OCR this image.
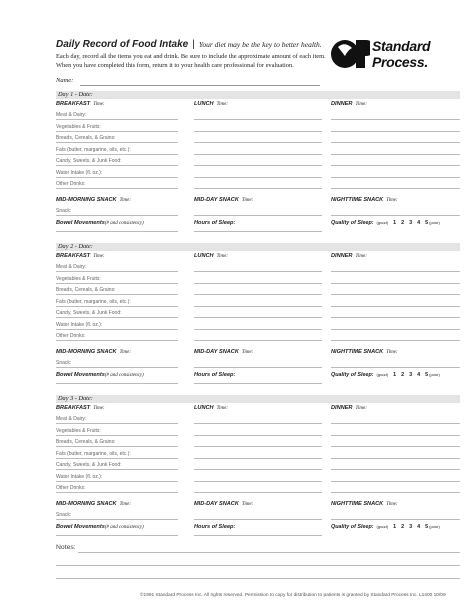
Daily Record of Food Intake | Your diet may be the key to better health.
Each day, record all the items you eat and drink. Be sure to include the approximate amount of each item. When you have completed this form, return it to your health care professional for evaluation.
Standard
Process.
Name:
Day 1 - Date:
BREAKFAST Time:	LUNCH Time:	DINNER Time:
Meat & Dairy:
Vegetables & Fruits:
Breads, Cereals, & Grains:
Fats (butter, margarine, oils, etc.):
Candy, Sweets, & Junk Food:
Water Intake (fl. oz.):
Other Drinks:
MID-MORNING SNACK Time:	MID-DAY SNACK Time:	NIGHTTIME SNACK Time:
Snack:
Bowel Movements(# and consistency)	Hours of Sleep:	Quality of Sleep: (good) 1 2 3 4 5(poor)
Day 2 - Date:
BREAKFAST Time:	LUNCH Time:	DINNER Time:
Meat & Dairy:
Vegetables & Fruits:
Breads, Cereals, & Grains:
Fats (butter, margarine, oils, etc.):
Candy, Sweets, & Junk Food:
Water Intake (fl. oz.):
Other Drinks:
MID-MORNING SNACK Time:	MID-DAY SNACK Time:	NIGHTTIME SNACK Time:
Snack:
Bowel Movements(# and consistency)	Hours of Sleep:	Quality of Sleep: (good) 1 2 3 4 5(poor)
Day 3 - Date:
BREAKFAST Time:	LUNCH Time:	DINNER Time:
Meat & Dairy:
Vegetables & Fruits:
Breads, Cereals, & Grains:
Fats (butter, margarine, oils, etc.):
Candy, Sweets, & Junk Food:
Water Intake (fl. oz.):
Other Drinks:
MID-MORNING SNACK Time:	MID-DAY SNACK Time:	NIGHTTIME SNACK Time:
Snack:
Bowel Movements(# and consistency)	Hours of Sleep:	Quality of Sleep: (good) 1 2 3 4 5(poor)
Notes:
©1991 Standard Process Inc. All rights reserved. Permission to copy for distribution to patients is granted by Standard Process Inc. L1400 10/09
